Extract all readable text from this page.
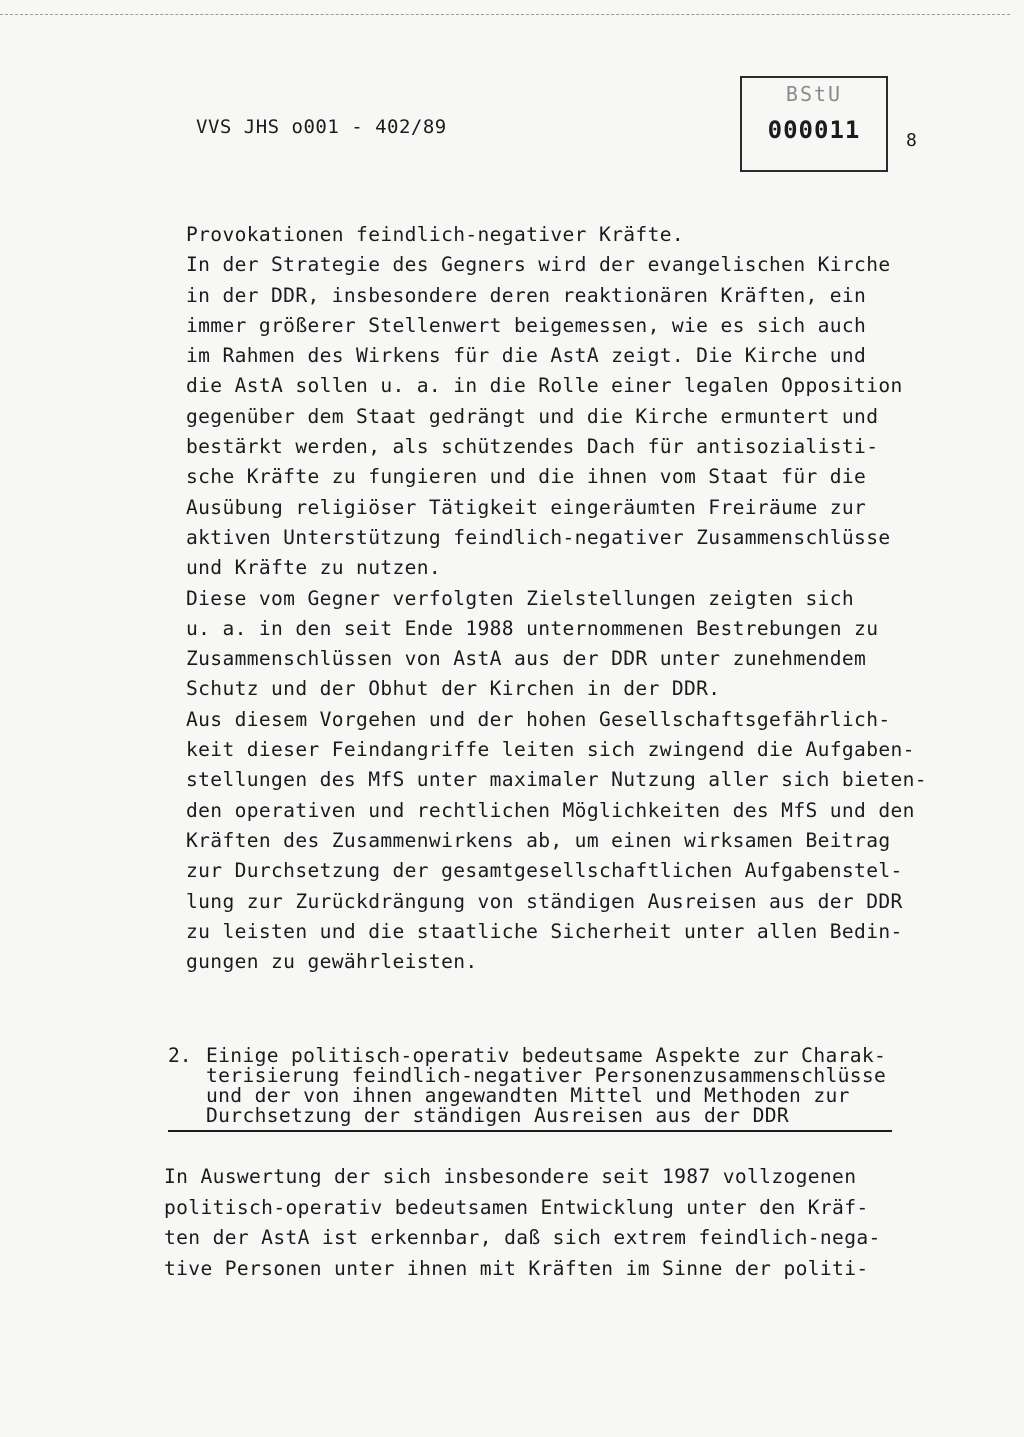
VVS JHS o001 - 402/89
BStU
000011	8
Provokationen feindlich-negativer Kräfte.
In der Strategie des Gegners wird der evangelischen Kirche
in der DDR, insbesondere deren reaktionären Kräften, ein
immer größerer Stellenwert beigemessen, wie es sich auch
im Rahmen des Wirkens für die AstA zeigt. Die Kirche und
die AstA sollen u. a. in die Rolle einer legalen Opposition
gegenüber dem Staat gedrängt und die Kirche ermuntert und
bestärkt werden, als schützendes Dach für antisozialisti-
sche Kräfte zu fungieren und die ihnen vom Staat für die
Ausübung religiöser Tätigkeit eingeräumten Freiräume zur
aktiven Unterstützung feindlich-negativer Zusammenschlüsse
und Kräfte zu nutzen.
Diese vom Gegner verfolgten Zielstellungen zeigten sich
u. a. in den seit Ende 1988 unternommenen Bestrebungen zu
Zusammenschlüssen von AstA aus der DDR unter zunehmendem
Schutz und der Obhut der Kirchen in der DDR.
Aus diesem Vorgehen und der hohen Gesellschaftsgefährlich-
keit dieser Feindangriffe leiten sich zwingend die Aufgaben-
stellungen des MfS unter maximaler Nutzung aller sich bieten-
den operativen und rechtlichen Möglichkeiten des MfS und den
Kräften des Zusammenwirkens ab, um einen wirksamen Beitrag
zur Durchsetzung der gesamtgesellschaftlichen Aufgabenstel-
lung zur Zurückdrängung von ständigen Ausreisen aus der DDR
zu leisten und die staatliche Sicherheit unter allen Bedin-
gungen zu gewährleisten.
2. Einige politisch-operativ bedeutsame Aspekte zur Charak-
terisierung feindlich-negativer Personenzusammenschlüsse
und der von ihnen angewandten Mittel und Methoden zur
Durchsetzung der ständigen Ausreisen aus der DDR
In Auswertung der sich insbesondere seit 1987 vollzogenen
politisch-operativ bedeutsamen Entwicklung unter den Kräf-
ten der AstA ist erkennbar, daß sich extrem feindlich-nega-
tive Personen unter ihnen mit Kräften im Sinne der politi-
